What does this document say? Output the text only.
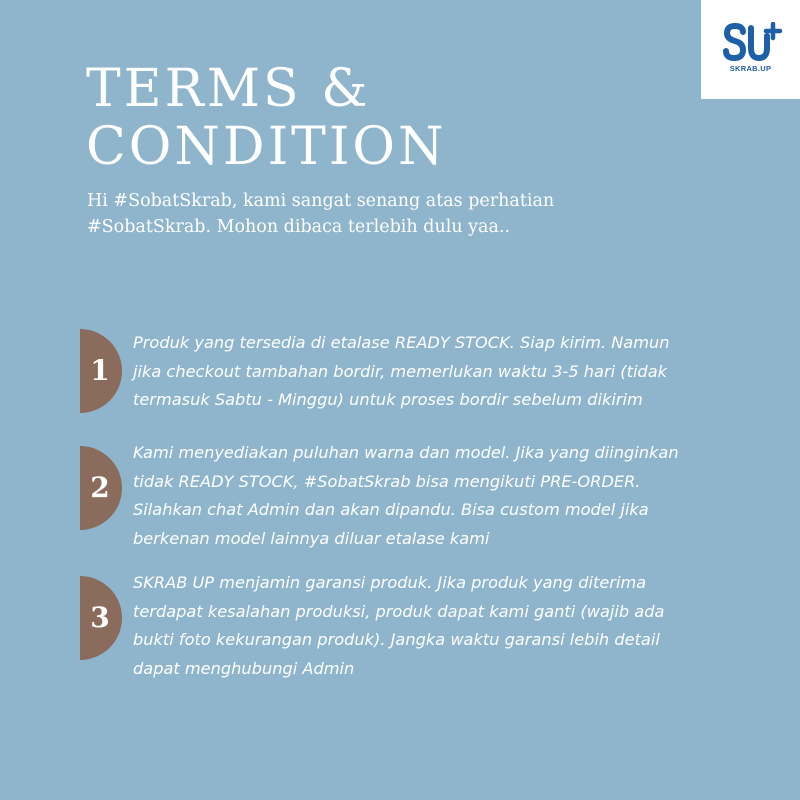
SKRAB.UP
TERMS &
CONDITION

Hi #SobatSkrab, kami sangat senang atas perhatian
#SobatSkrab. Mohon dibaca terlebih dulu yaa..

1

Produk yang tersedia di etalase READY STOCK. Siap kirim. Namun
jika checkout tambahan bordir, memerlukan waktu 3-5 hari (tidak
termasuk Sabtu - Minggu) untuk proses bordir sebelum dikirim

2

Kami menyediakan puluhan warna dan model. Jika yang diinginkan
tidak READY STOCK, #SobatSkrab bisa mengikuti PRE-ORDER.
Silahkan chat Admin dan akan dipandu. Bisa custom model jika
berkenan model lainnya diluar etalase kami

3

SKRAB UP menjamin garansi produk. Jika produk yang diterima
terdapat kesalahan produksi, produk dapat kami ganti (wajib ada
bukti foto kekurangan produk). Jangka waktu garansi lebih detail
dapat menghubungi Admin
